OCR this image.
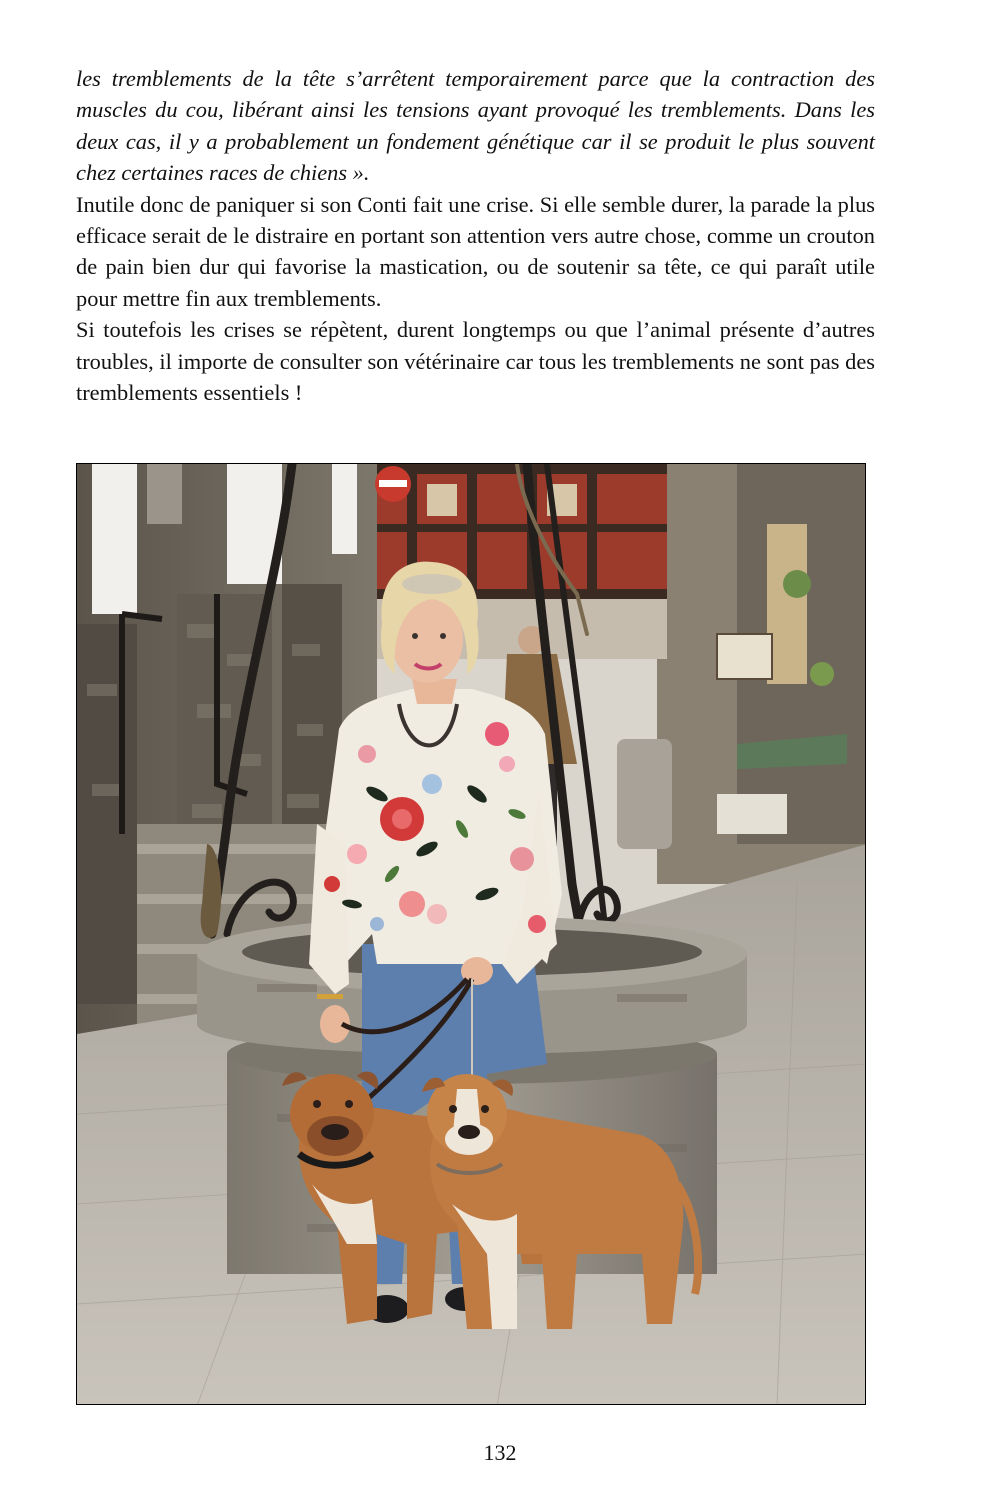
les tremblements de la tête s’arrêtent temporairement parce que la contraction des muscles du cou, libérant ainsi les tensions ayant provoqué les tremblements. Dans les deux cas, il y a probablement un fondement génétique car il se produit le plus souvent chez certaines races de chiens ».

Inutile donc de paniquer si son Conti fait une crise. Si elle semble durer, la parade la plus efficace serait de le distraire en portant son attention vers autre chose, comme un crouton de pain bien dur qui favorise la mastication, ou de soutenir sa tête, ce qui paraît utile pour mettre fin aux tremblements.

Si toutefois les crises se répètent, durent longtemps ou que l’animal présente d’autres troubles, il importe de consulter son vétérinaire car tous les tremblements ne sont pas des tremblements essentiels !

132
